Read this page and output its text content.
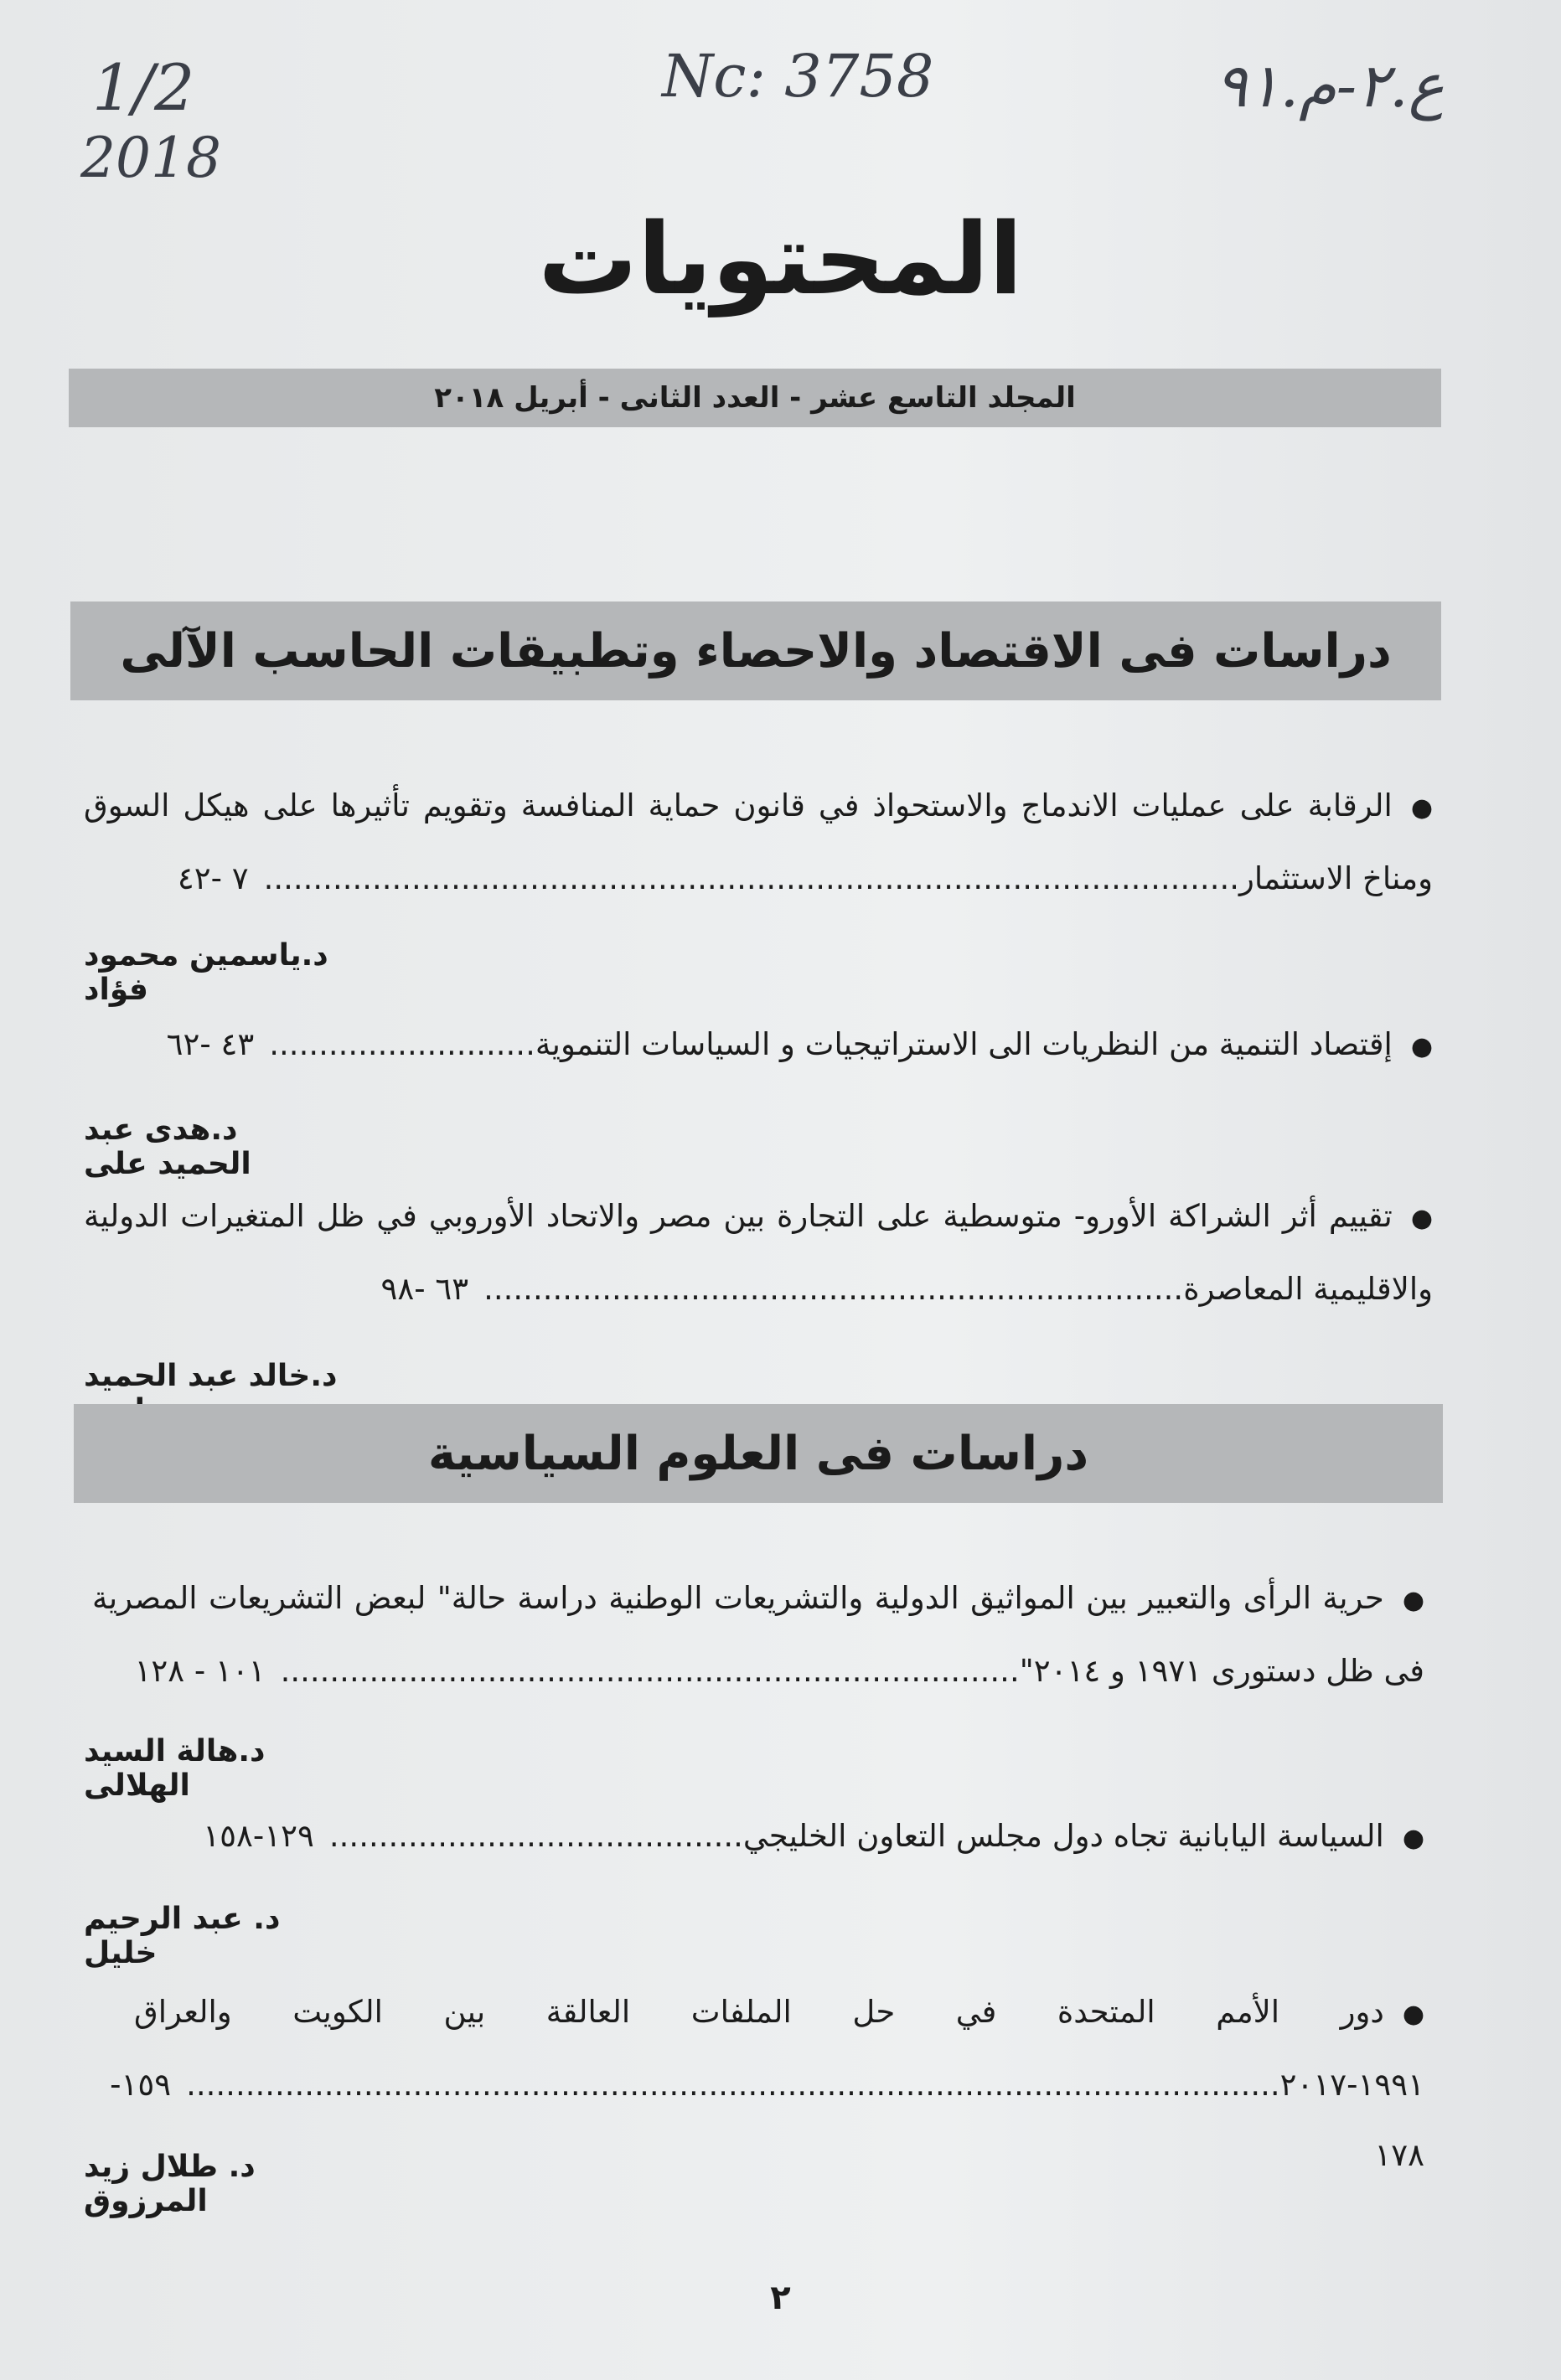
1/2
2018
Nc: 3758	ع.٢-م.٩١
المحتويات
المجلد التاسع عشر - العدد الثانى - أبريل ٢٠١٨
دراسات فى الاقتصاد والاحصاء وتطبيقات الحاسب الآلى
●الرقابة على عمليات الاندماج والاستحواذ في قانون حماية المنافسة وتقويم تأثيرها على هيكل السوق ومناخ الاستثمار...................................................................................................٧ -٤٢
د.ياسمين محمود فؤاد
●إقتصاد التنمية من النظريات الى الاستراتيجيات و السياسات التنموية...........................٤٣ -٦٢
د.هدى عبد الحميد على
●تقييم أثر الشراكة الأورو- متوسطية على التجارة بين مصر والاتحاد الأوروبي في ظل المتغيرات الدولية والاقليمية المعاصرة.......................................................................٦٣ -٩٨
د.خالد عبد الحميد
دراسات فى العلوم السياسية
●حرية الرأى والتعبير بين المواثيق الدولية والتشريعات الوطنية دراسة حالة" لبعض التشريعات المصرية فى ظل دستورى ١٩٧١ و ٢٠١٤"...........................................................................١٠١ - ١٢٨
د.هالة السيد الهلالى
●السياسة اليابانية تجاه دول مجلس التعاون الخليجي..........................................١٢٩-١٥٨
د. عبد الرحيم خليل
●دور الأمم المتحدة في حل الملفات العالقة بين الكويت والعراق ١٩٩١-٢٠١٧...............................................................................................................١٥٩- ١٧٨
د. طلال زيد المرزوق
٢
